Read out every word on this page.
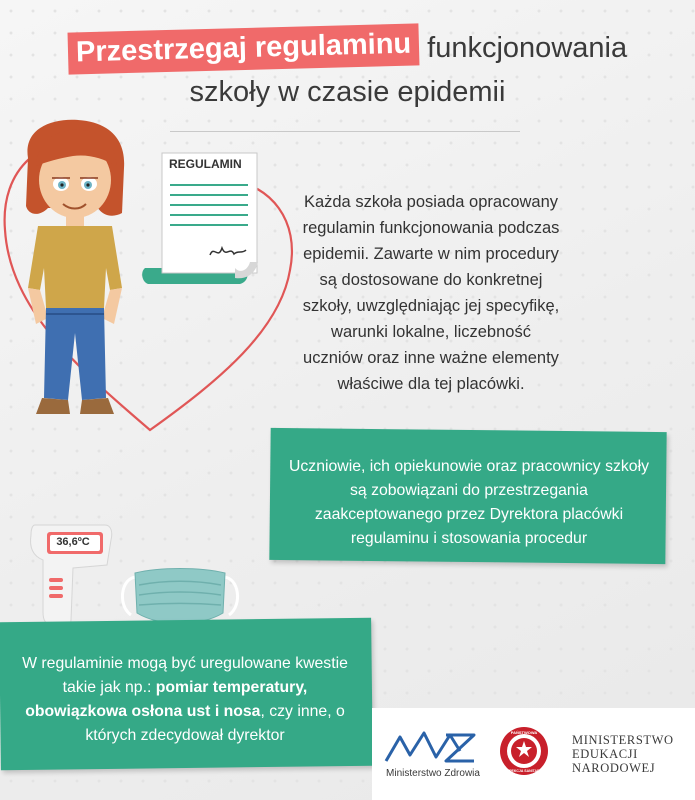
Przestrzegaj regulaminu funkcjonowania
szkoły w czasie epidemii
REGULAMIN
Każda szkoła posiada opracowany regulamin funkcjonowania podczas epidemii. Zawarte w nim procedury są dostosowane do konkretnej szkoły, uwzględniając jej specyfikę, warunki lokalne, liczebność uczniów oraz inne ważne elementy właściwe dla tej placówki.
Uczniowie, ich opiekunowie oraz pracownicy szkoły są zobowiązani do przestrzegania zaakceptowanego przez Dyrektora placówki regulaminu i stosowania procedur
36,6ºC
W regulaminie mogą być uregulowane kwestie takie jak np.: pomiar temperatury,
obowiązkowa osłona ust i nosa, czy inne, o których zdecydował dyrektor
Ministerstwo Zdrowia
PAŃSTWOWA
INSPEKCJA SANITARNA
MINISTERSTWO
EDUKACJI
NARODOWEJ
